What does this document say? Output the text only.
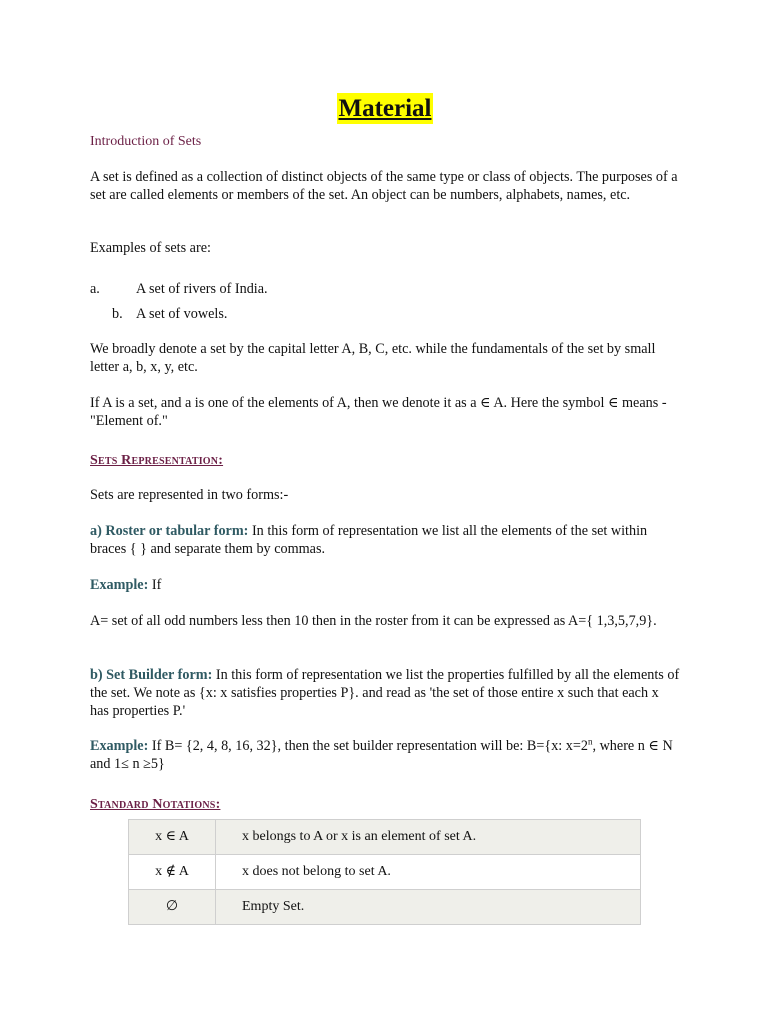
Material

Introduction of Sets

A set is defined as a collection of distinct objects of the same type or class of objects. The purposes of a set are called elements or members of the set. An object can be numbers, alphabets, names, etc.

Examples of sets are:

a.	A set of rivers of India.
b. A set of vowels.

We broadly denote a set by the capital letter A, B, C, etc. while the fundamentals of the set by small letter a, b, x, y, etc.

If A is a set, and a is one of the elements of A, then we denote it as a ∈ A. Here the symbol ∈ means -"Element of."

Sets Representation:

Sets are represented in two forms:-

a) Roster or tabular form: In this form of representation we list all the elements of the set within braces { } and separate them by commas.

Example: If

A= set of all odd numbers less then 10 then in the roster from it can be expressed as A={ 1,3,5,7,9}.

b) Set Builder form: In this form of representation we list the properties fulfilled by all the elements of the set. We note as {x: x satisfies properties P}. and read as 'the set of those entire x such that each x has properties P.'

Example: If B= {2, 4, 8, 16, 32}, then the set builder representation will be: B={x: $x=2^n$, where n ∈ N and 1≤ n ≥5}

Standard Notations:

x ∈ A	x belongs to A or x is an element of set A.
x ∉ A	x does not belong to set A.
∅	Empty Set.
